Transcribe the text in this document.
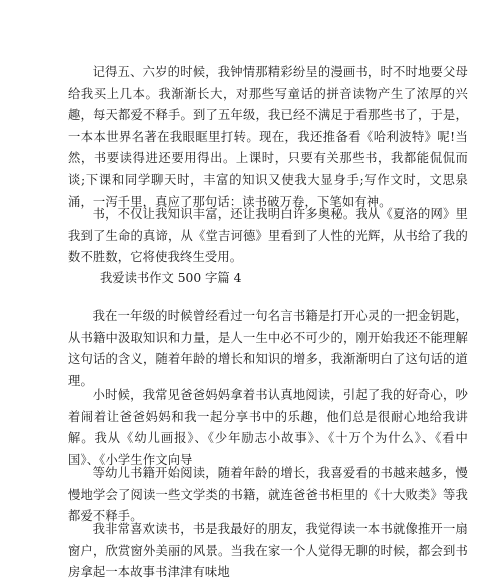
记得五、六岁的时候，我钟情那精彩纷呈的漫画书，时不时地要父母给我买上几本。我渐渐长大，对那些写童话的拼音读物产生了浓厚的兴趣，每天都爱不释手。到了五年级，我已经不满足于看那些书了，于是，一本本世界名著在我眼眶里打转。现在，我还推备看《哈利波特》呢!当然，书要读得进还要用得出。上课时，只要有关那些书，我都能侃侃而谈;下课和同学聊天时，丰富的知识又使我大显身手;写作文时，文思泉涌，一泻千里，真应了那句话：读书破万卷，下笔如有神。

书，不仅让我知识丰富，还让我明白许多奥秘。我从《夏洛的网》里我到了生命的真谛，从《堂吉诃德》里看到了人性的光辉，从书给了我的数不胜数，它将使我终生受用。

我爱读书作文 500 字篇 4

我在一年级的时候曾经看过一句名言书籍是打开心灵的一把金钥匙，从书籍中汲取知识和力量，是人一生中必不可少的，刚开始我还不能理解这句话的含义，随着年龄的增长和知识的增多，我渐渐明白了这句话的道理。

小时候，我常见爸爸妈妈拿着书认真地阅读，引起了我的好奇心，吵着闹着让爸爸妈妈和我一起分享书中的乐趣，他们总是很耐心地给我讲解。我从《幼儿画报》、《少年励志小故事》、《十万个为什么》、《看中国》、《小学生作文向导

等幼儿书籍开始阅读，随着年龄的增长，我喜爱看的书越来越多，慢慢地学会了阅读一些文学类的书籍，就连爸爸书柜里的《十大败类》等我都爱不释手。

我非常喜欢读书，书是我最好的朋友，我觉得读一本书就像推开一扇窗户，欣赏窗外美丽的风景。当我在家一个人觉得无聊的时候，都会到书房拿起一本故事书津津有味地
